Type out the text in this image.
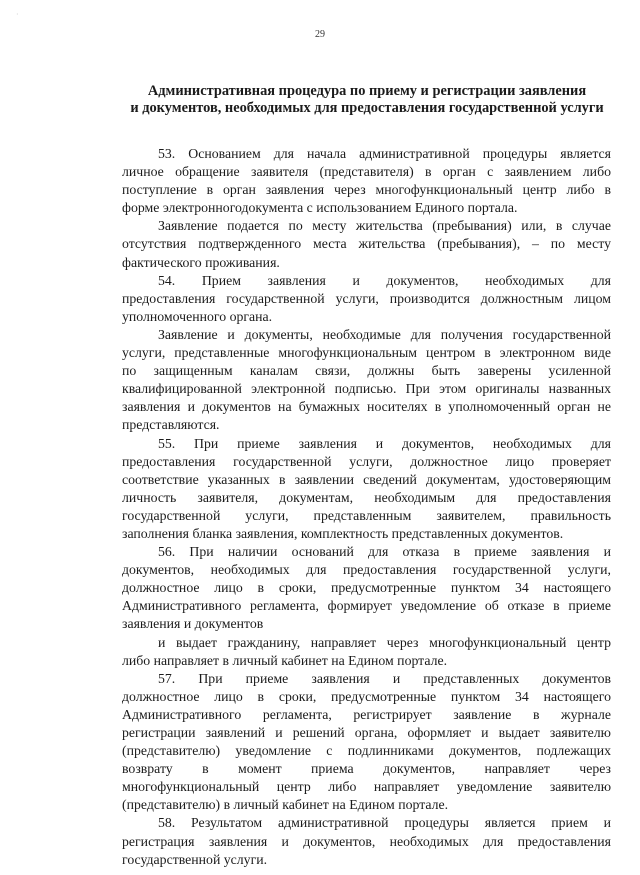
·
29
Административная процедура по приему и регистрации заявления
и документов, необходимых для предоставления государственной услуги
53. Основанием для начала административной процедуры является
личное обращение заявителя (представителя) в орган с заявлением либо
поступление в орган заявления через многофункциональный центр либо в
форме электронногодокумента с использованием Единого портала.
Заявление подается по месту жительства (пребывания) или, в случае
отсутствия подтвержденного места жительства (пребывания), – по месту
фактического проживания.
54. Прием заявления и документов, необходимых для
предоставления государственной услуги, производится должностным лицом
уполномоченного органа.
Заявление и документы, необходимые для получения государственной
услуги, представленные многофункциональным центром в электронном виде
по защищенным каналам связи, должны быть заверены усиленной
квалифицированной электронной подписью. При этом оригиналы названных
заявления и документов на бумажных носителях в уполномоченный орган не
представляются.
55. При приеме заявления и документов, необходимых для
предоставления государственной услуги, должностное лицо проверяет
соответствие указанных в заявлении сведений документам, удостоверяющим
личность заявителя, документам, необходимым для предоставления
государственной услуги, представленным заявителем, правильность
заполнения бланка заявления, комплектность представленных документов.
56. При наличии оснований для отказа в приеме заявления и
документов, необходимых для предоставления государственной услуги,
должностное лицо в сроки, предусмотренные пунктом 34 настоящего
Административного регламента, формирует уведомление об отказе в приеме
заявления и документов
и выдает гражданину, направляет через многофункциональный центр
либо направляет в личный кабинет на Едином портале.
57. При приеме заявления и представленных документов
должностное лицо в сроки, предусмотренные пунктом 34 настоящего
Административного регламента, регистрирует заявление в журнале
регистрации заявлений и решений органа, оформляет и выдает заявителю
(представителю) уведомление с подлинниками документов, подлежащих
возврату в момент приема документов, направляет через
многофункциональный центр либо направляет уведомление заявителю
(представителю) в личный кабинет на Едином портале.
58. Результатом административной процедуры является прием и
регистрация заявления и документов, необходимых для предоставления
государственной услуги.
